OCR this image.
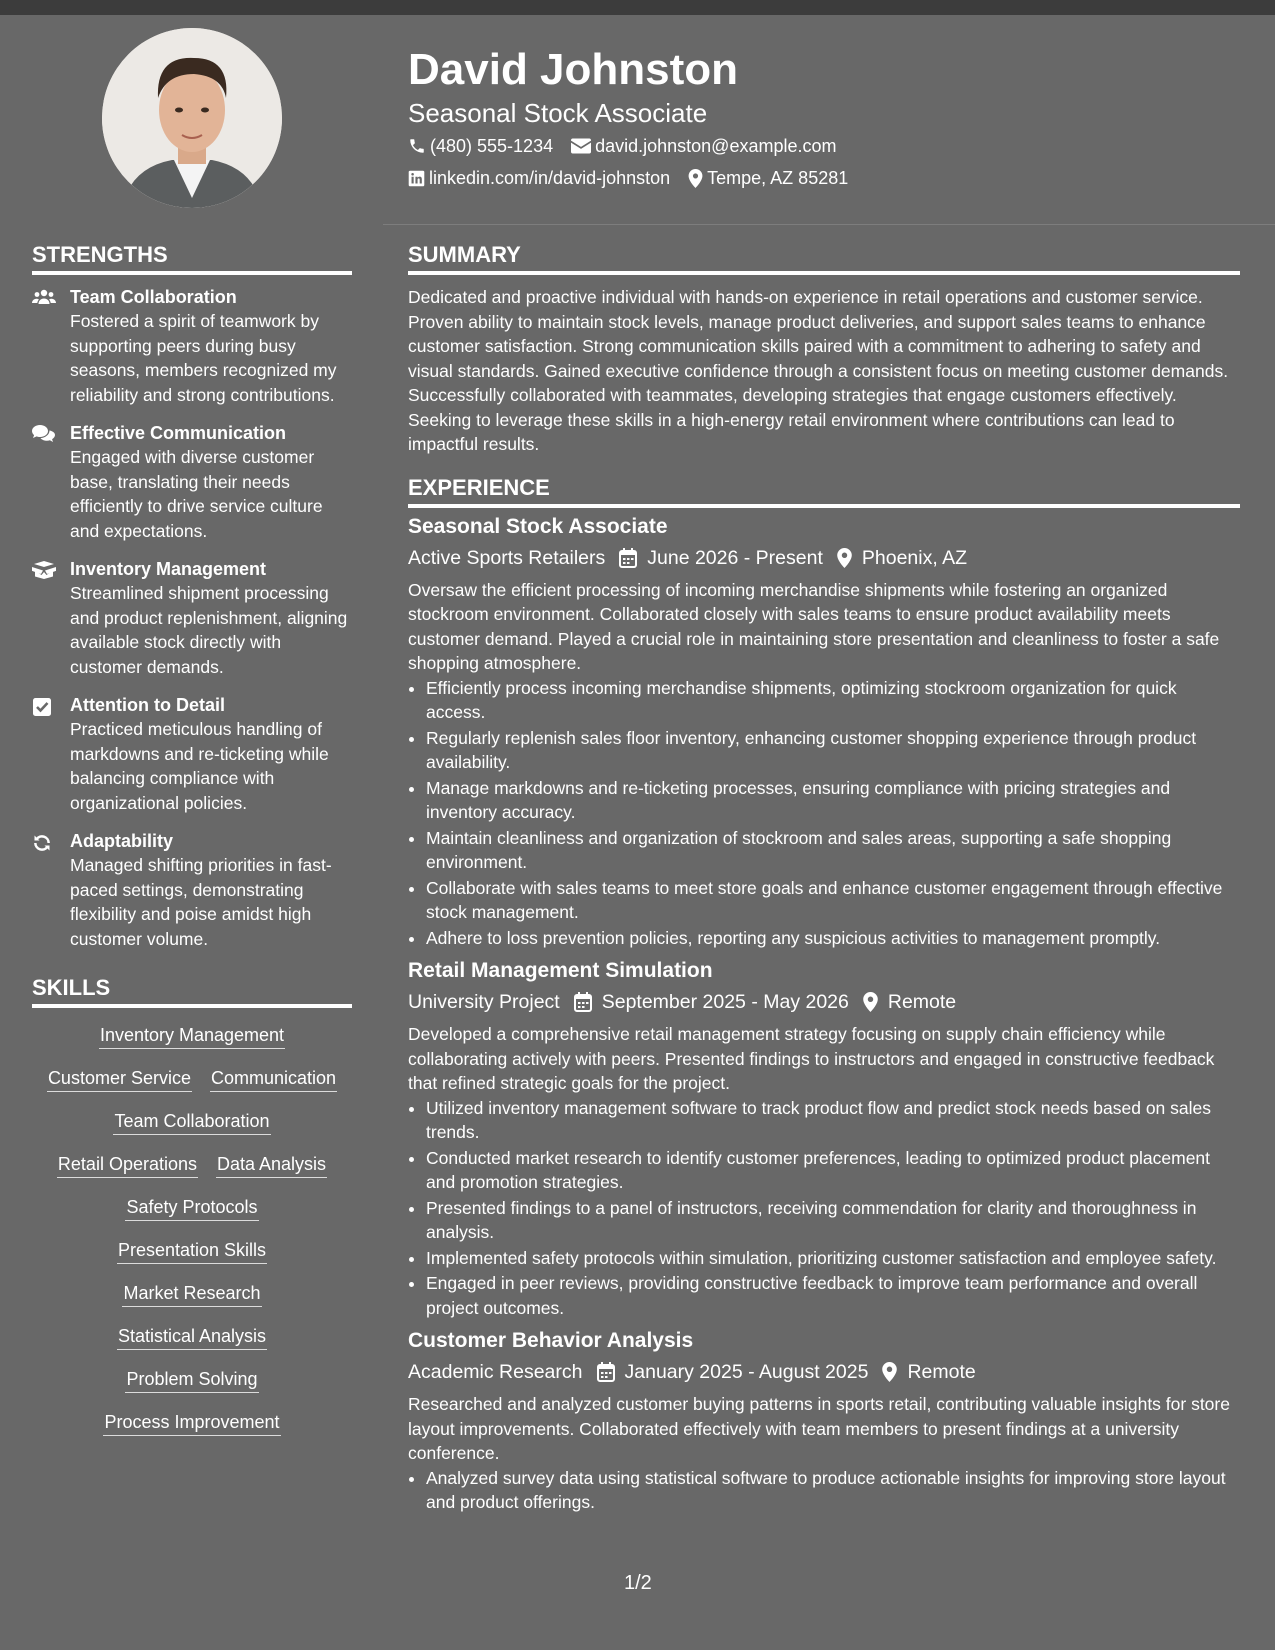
David Johnston
Seasonal Stock Associate
(480) 555-1234 david.johnston@example.com
linkedin.com/in/david-johnston Tempe, AZ 85281
STRENGTHS
Team Collaboration
Fostered a spirit of teamwork by supporting peers during busy seasons, members recognized my reliability and strong contributions.
Effective Communication
Engaged with diverse customer base, translating their needs efficiently to drive service culture and expectations.
Inventory Management
Streamlined shipment processing and product replenishment, aligning available stock directly with customer demands.
Attention to Detail
Practiced meticulous handling of markdowns and re-ticketing while balancing compliance with organizational policies.
Adaptability
Managed shifting priorities in fast-paced settings, demonstrating flexibility and poise amidst high customer volume.
SKILLS
Inventory Management
Customer Service Communication
Team Collaboration
Retail Operations Data Analysis
Safety Protocols
Presentation Skills
Market Research
Statistical Analysis
Problem Solving
Process Improvement
SUMMARY

Dedicated and proactive individual with hands-on experience in retail operations and customer service. Proven ability to maintain stock levels, manage product deliveries, and support sales teams to enhance customer satisfaction. Strong communication skills paired with a commitment to adhering to safety and visual standards. Gained executive confidence through a consistent focus on meeting customer demands. Successfully collaborated with teammates, developing strategies that engage customers effectively. Seeking to leverage these skills in a high-energy retail environment where contributions can lead to impactful results.

EXPERIENCE
Seasonal Stock Associate
Active Sports Retailers June 2026 - Present Phoenix, AZ

Oversaw the efficient processing of incoming merchandise shipments while fostering an organized stockroom environment. Collaborated closely with sales teams to ensure product availability meets customer demand. Played a crucial role in maintaining store presentation and cleanliness to foster a safe shopping atmosphere.

• Efficiently process incoming merchandise shipments, optimizing stockroom organization for quick access.
• Regularly replenish sales floor inventory, enhancing customer shopping experience through product availability.
• Manage markdowns and re-ticketing processes, ensuring compliance with pricing strategies and inventory accuracy.
• Maintain cleanliness and organization of stockroom and sales areas, supporting a safe shopping environment.
• Collaborate with sales teams to meet store goals and enhance customer engagement through effective stock management.
• Adhere to loss prevention policies, reporting any suspicious activities to management promptly.
Retail Management Simulation
University Project September 2025 - May 2026 Remote

Developed a comprehensive retail management strategy focusing on supply chain efficiency while collaborating actively with peers. Presented findings to instructors and engaged in constructive feedback that refined strategic goals for the project.

• Utilized inventory management software to track product flow and predict stock needs based on sales trends.
• Conducted market research to identify customer preferences, leading to optimized product placement and promotion strategies.
• Presented findings to a panel of instructors, receiving commendation for clarity and thoroughness in analysis.
• Implemented safety protocols within simulation, prioritizing customer satisfaction and employee safety.
• Engaged in peer reviews, providing constructive feedback to improve team performance and overall project outcomes.
Customer Behavior Analysis
Academic Research January 2025 - August 2025 Remote

Researched and analyzed customer buying patterns in sports retail, contributing valuable insights for store layout improvements. Collaborated effectively with team members to present findings at a university conference.

• Analyzed survey data using statistical software to produce actionable insights for improving store layout and product offerings.
1/2
